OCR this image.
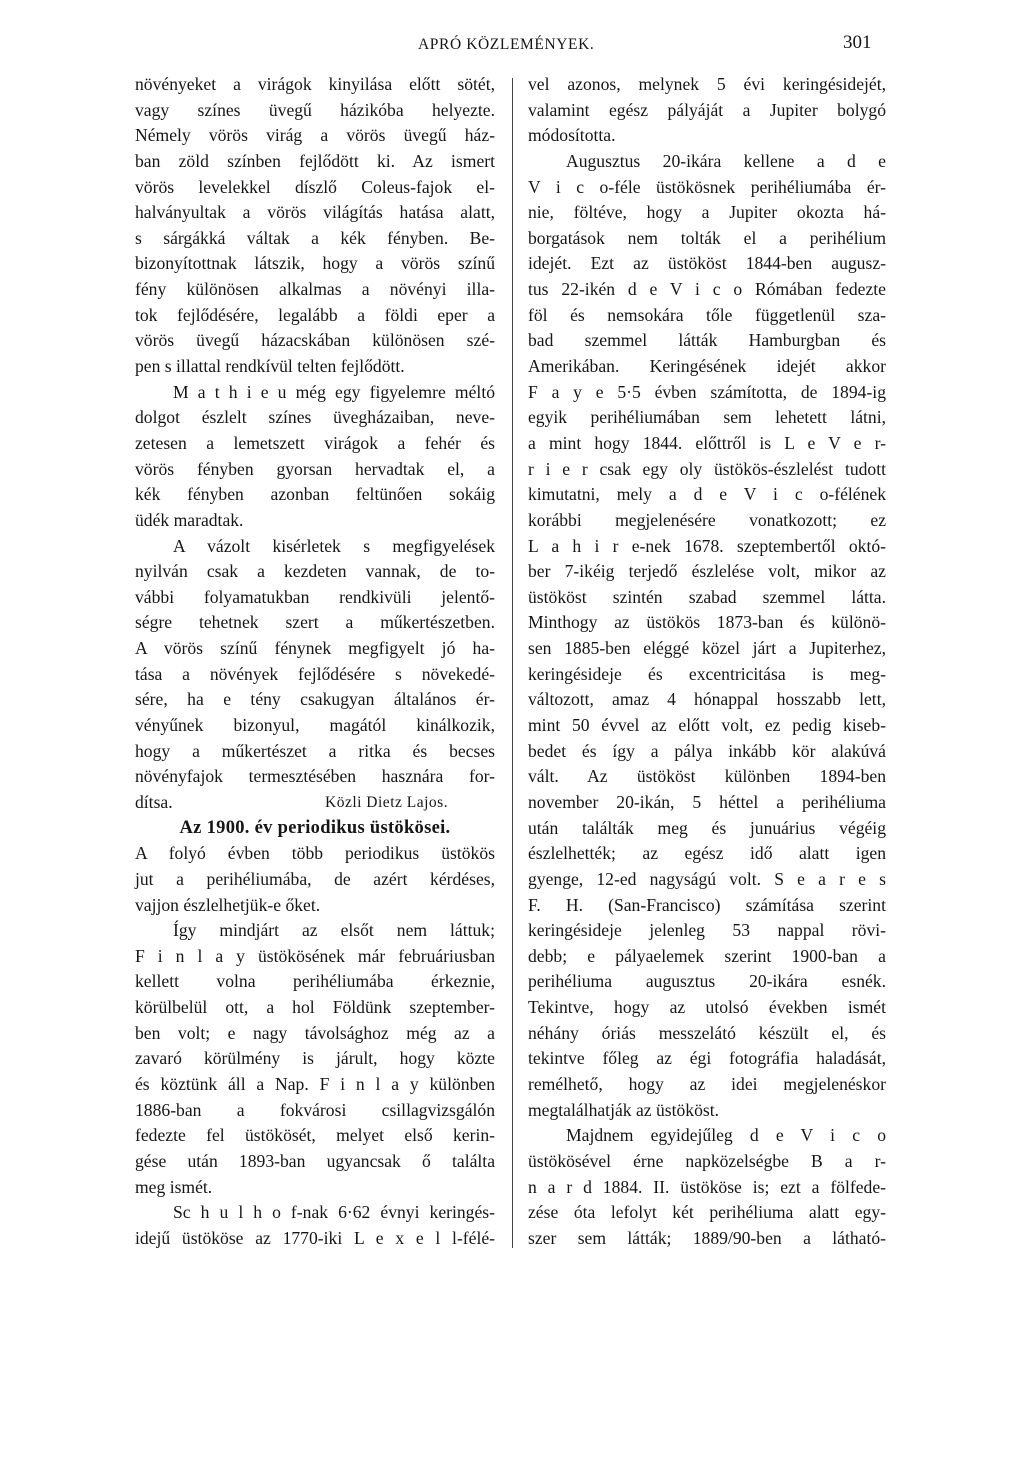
APRÓ KÖZLEMÉNYEK.	301
növényeket a virágok kinyilása előtt sötét,
vagy színes üvegű házikóba helyezte.
Némely vörös virág a vörös üvegű ház-
ban zöld színben fejlődött ki. Az ismert
vörös levelekkel díszlő Coleus-fajok el-
halványultak a vörös világítás hatása alatt,
s sárgákká váltak a kék fényben. Be-
bizonyítottnak látszik, hogy a vörös színű
fény különösen alkalmas a növényi illa-
tok fejlődésére, legalább a földi eper a
vörös üvegű házacskában különösen szé-
pen s illattal rendkívül telten fejlődött.
M a t h i e u még egy figyelemre méltó
dolgot észlelt színes üvegházaiban, neve-
zetesen a lemetszett virágok a fehér és
vörös fényben gyorsan hervadtak el, a
kék fényben azonban feltünően sokáig
üdék maradtak.
A vázolt kisérletek s megfigyelések
nyilván csak a kezdeten vannak, de to-
vábbi folyamatukban rendkivüli jelentő-
ségre tehetnek szert a műkertészetben.
A vörös színű fénynek megfigyelt jó ha-
tása a növények fejlődésére s növekedé-
sére, ha e tény csakugyan általános ér-
vényűnek bizonyul, magától kinálkozik,
hogy a műkertészet a ritka és becses
növényfajok termesztésében hasznára for-
dítsa.	Közli Dietz Lajos.
Az 1900. év periodikus üstökösei.
A folyó évben több periodikus üstökös
jut a perihéliumába, de azért kérdéses,
vajjon észlelhetjük-e őket.
Így mindjárt az elsőt nem láttuk;
F i n l a y üstökösének már februáriusban
kellett volna perihéliumába érkeznie,
körülbelül ott, a hol Földünk szeptember-
ben volt; e nagy távolsághoz még az a
zavaró körülmény is járult, hogy közte
és köztünk áll a Nap. F i n l a y különben
1886-ban a fokvárosi csillagvizsgálón
fedezte fel üstökösét, melyet első kerin-
gése után 1893-ban ugyancsak ő találta
meg ismét.
Sc h u l h o f-nak 6·62 évnyi keringés-
idejű üstököse az 1770-iki L e x e l l-félé-
vel azonos, melynek 5 évi keringésidejét,
valamint egész pályáját a Jupiter bolygó
módosította.
Augusztus 20-ikára kellene a d e
V i c o-féle üstökösnek perihéliumába ér-
nie, föltéve, hogy a Jupiter okozta há-
borgatások nem tolták el a perihélium
idejét. Ezt az üstököst 1844-ben augusz-
tus 22-ikén d e V i c o Rómában fedezte
föl és nemsokára tőle függetlenül sza-
bad szemmel látták Hamburgban és
Amerikában. Keringésének idejét akkor
F a y e 5·5 évben számította, de 1894-ig
egyik perihéliumában sem lehetett látni,
a mint hogy 1844. előttről is L e V e r-
r i e r csak egy oly üstökös-észlelést tudott
kimutatni, mely a d e V i c o-félének
korábbi megjelenésére vonatkozott; ez
L a h i r e-nek 1678. szeptembertől októ-
ber 7-ikéig terjedő észlelése volt, mikor az
üstököst szintén szabad szemmel látta.
Minthogy az üstökös 1873-ban és különö-
sen 1885-ben eléggé közel járt a Jupiterhez,
keringésideje és excentricitása is meg-
változott, amaz 4 hónappal hosszabb lett,
mint 50 évvel az előtt volt, ez pedig kiseb-
bedet és így a pálya inkább kör alakúvá
vált. Az üstököst különben 1894-ben
november 20-ikán, 5 héttel a perihéliuma
után találták meg és junuárius végéig
észlelhették; az egész idő alatt igen
gyenge, 12-ed nagyságú volt. S e a r e s
F. H. (San-Francisco) számítása szerint
keringésideje jelenleg 53 nappal rövi-
debb; e pályaelemek szerint 1900-ban a
perihéliuma augusztus 20-ikára esnék.
Tekintve, hogy az utolsó években ismét
néhány óriás messzelátó készült el, és
tekintve főleg az égi fotográfia haladását,
remélhető, hogy az idei megjelenéskor
megtalálhatják az üstököst.
Majdnem egyidejűleg d e V i c o
üstökösével érne napközelségbe B a r-
n a r d 1884. II. üstököse is; ezt a fölfede-
zése óta lefolyt két perihéliuma alatt egy-
szer sem látták; 1889/90-ben a látható-
